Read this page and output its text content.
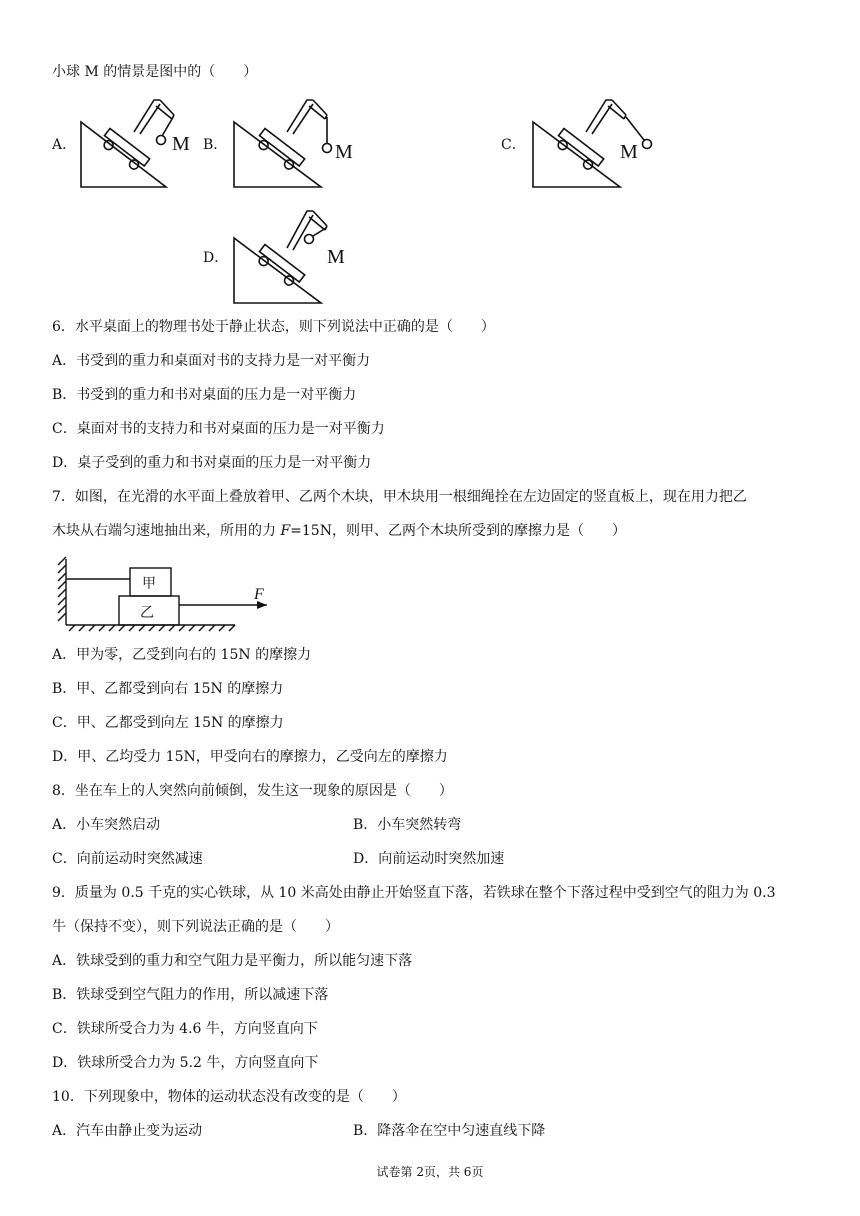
小球 M 的情景是图中的（　　）
A．	B．	C．
D．
M	M	M
M
6．水平桌面上的物理书处于静止状态，则下列说法中正确的是（　　）
A．书受到的重力和桌面对书的支持力是一对平衡力
B．书受到的重力和书对桌面的压力是一对平衡力
C．桌面对书的支持力和书对桌面的压力是一对平衡力
D．桌子受到的重力和书对桌面的压力是一对平衡力
7．如图，在光滑的水平面上叠放着甲、乙两个木块，甲木块用一根细绳拴在左边固定的竖直板上，现在用力把乙
木块从右端匀速地抽出来，所用的力 F=15N，则甲、乙两个木块所受到的摩擦力是（　　）
甲
乙
F
A．甲为零，乙受到向右的 15N 的摩擦力
B．甲、乙都受到向右 15N 的摩擦力
C．甲、乙都受到向左 15N 的摩擦力
D．甲、乙均受力 15N，甲受向右的摩擦力，乙受向左的摩擦力
8．坐在车上的人突然向前倾倒，发生这一现象的原因是（　　）
A．小车突然启动	B．小车突然转弯
C．向前运动时突然减速	D．向前运动时突然加速
9．质量为 0.5 千克的实心铁球，从 10 米高处由静止开始竖直下落，若铁球在整个下落过程中受到空气的阻力为 0.3
牛（保持不变），则下列说法正确的是（　　）
A．铁球受到的重力和空气阻力是平衡力，所以能匀速下落
B．铁球受到空气阻力的作用，所以减速下落
C．铁球所受合力为 4.6 牛，方向竖直向下
D．铁球所受合力为 5.2 牛，方向竖直向下
10．下列现象中，物体的运动状态没有改变的是（　　）
A．汽车由静止变为运动	B．降落伞在空中匀速直线下降
试卷第 2页，共 6页
